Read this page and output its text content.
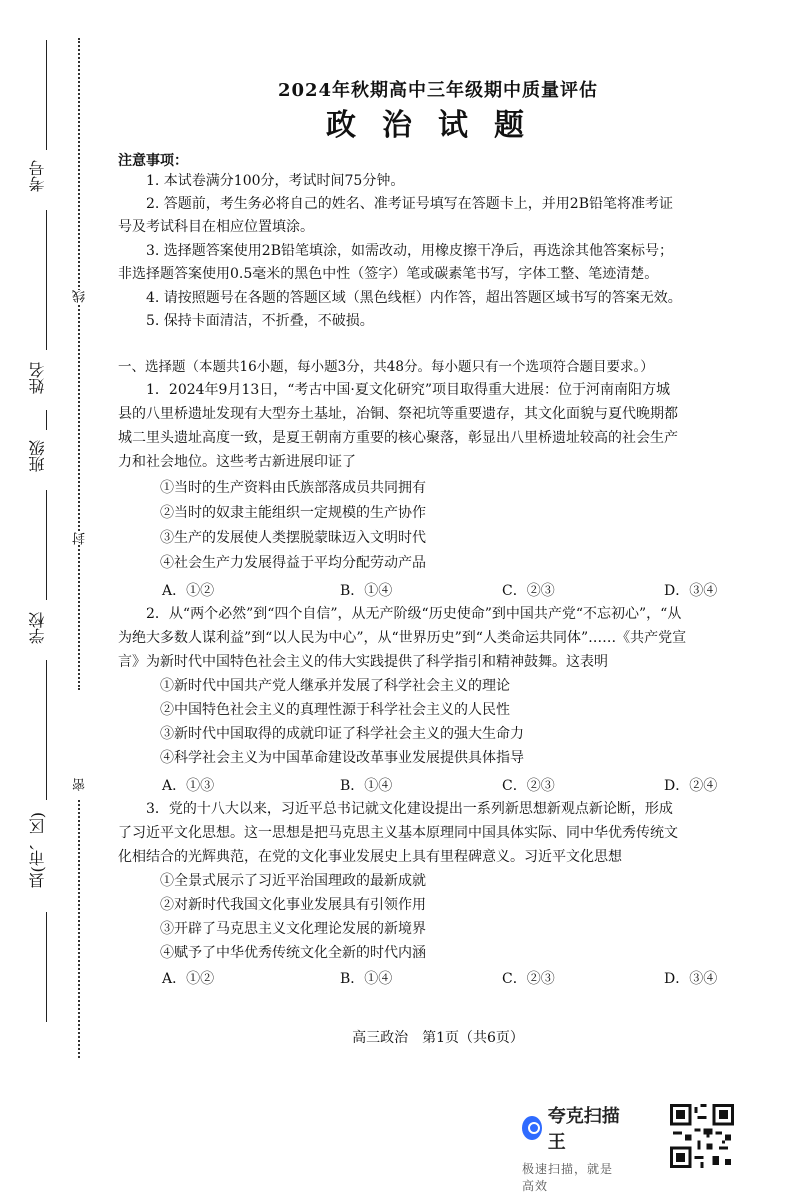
考号
姓名
班级
学校
县(市、区)
线
封
密
2024年秋期高中三年级期中质量评估
政治试题
注意事项：
1. 本试卷满分100分，考试时间75分钟。
2. 答题前，考生务必将自己的姓名、准考证号填写在答题卡上，并用2B铅笔将准考证
号及考试科目在相应位置填涂。
3. 选择题答案使用2B铅笔填涂，如需改动，用橡皮擦干净后，再选涂其他答案标号；
非选择题答案使用0.5毫米的黑色中性（签字）笔或碳素笔书写，字体工整、笔迹清楚。
4. 请按照题号在各题的答题区域（黑色线框）内作答，超出答题区域书写的答案无效。
5. 保持卡面清洁，不折叠，不破损。
一、选择题（本题共16小题，每小题3分，共48分。每小题只有一个选项符合题目要求。）
1．2024年9月13日，“考古中国·夏文化研究”项目取得重大进展：位于河南南阳方城
县的八里桥遗址发现有大型夯土基址，冶铜、祭祀坑等重要遗存，其文化面貌与夏代晚期都
城二里头遗址高度一致，是夏王朝南方重要的核心聚落，彰显出八里桥遗址较高的社会生产
力和社会地位。这些考古新进展印证了
①当时的生产资料由氏族部落成员共同拥有
②当时的奴隶主能组织一定规模的生产协作
③生产的发展使人类摆脱蒙昧迈入文明时代
④社会生产力发展得益于平均分配劳动产品
A．①②	B．①④	C．②③	D．③④
2．从“两个必然”到“四个自信”，从无产阶级“历史使命”到中国共产党“不忘初心”，“从
为绝大多数人谋利益”到“以人民为中心”，从“世界历史”到“人类命运共同体”……《共产党宣
言》为新时代中国特色社会主义的伟大实践提供了科学指引和精神鼓舞。这表明
①新时代中国共产党人继承并发展了科学社会主义的理论
②中国特色社会主义的真理性源于科学社会主义的人民性
③新时代中国取得的成就印证了科学社会主义的强大生命力
④科学社会主义为中国革命建设改革事业发展提供具体指导
A．①③	B．①④	C．②③	D．②④
3．党的十八大以来，习近平总书记就文化建设提出一系列新思想新观点新论断，形成
了习近平文化思想。这一思想是把马克思主义基本原理同中国具体实际、同中华优秀传统文
化相结合的光辉典范，在党的文化事业发展史上具有里程碑意义。习近平文化思想
①全景式展示了习近平治国理政的最新成就
②对新时代我国文化事业发展具有引领作用
③开辟了马克思主义文化理论发展的新境界
④赋予了中华优秀传统文化全新的时代内涵
A．①②	B．①④	C．②③	D．③④
高三政治　第1页（共6页）
夸克扫描王
极速扫描，就是高效
